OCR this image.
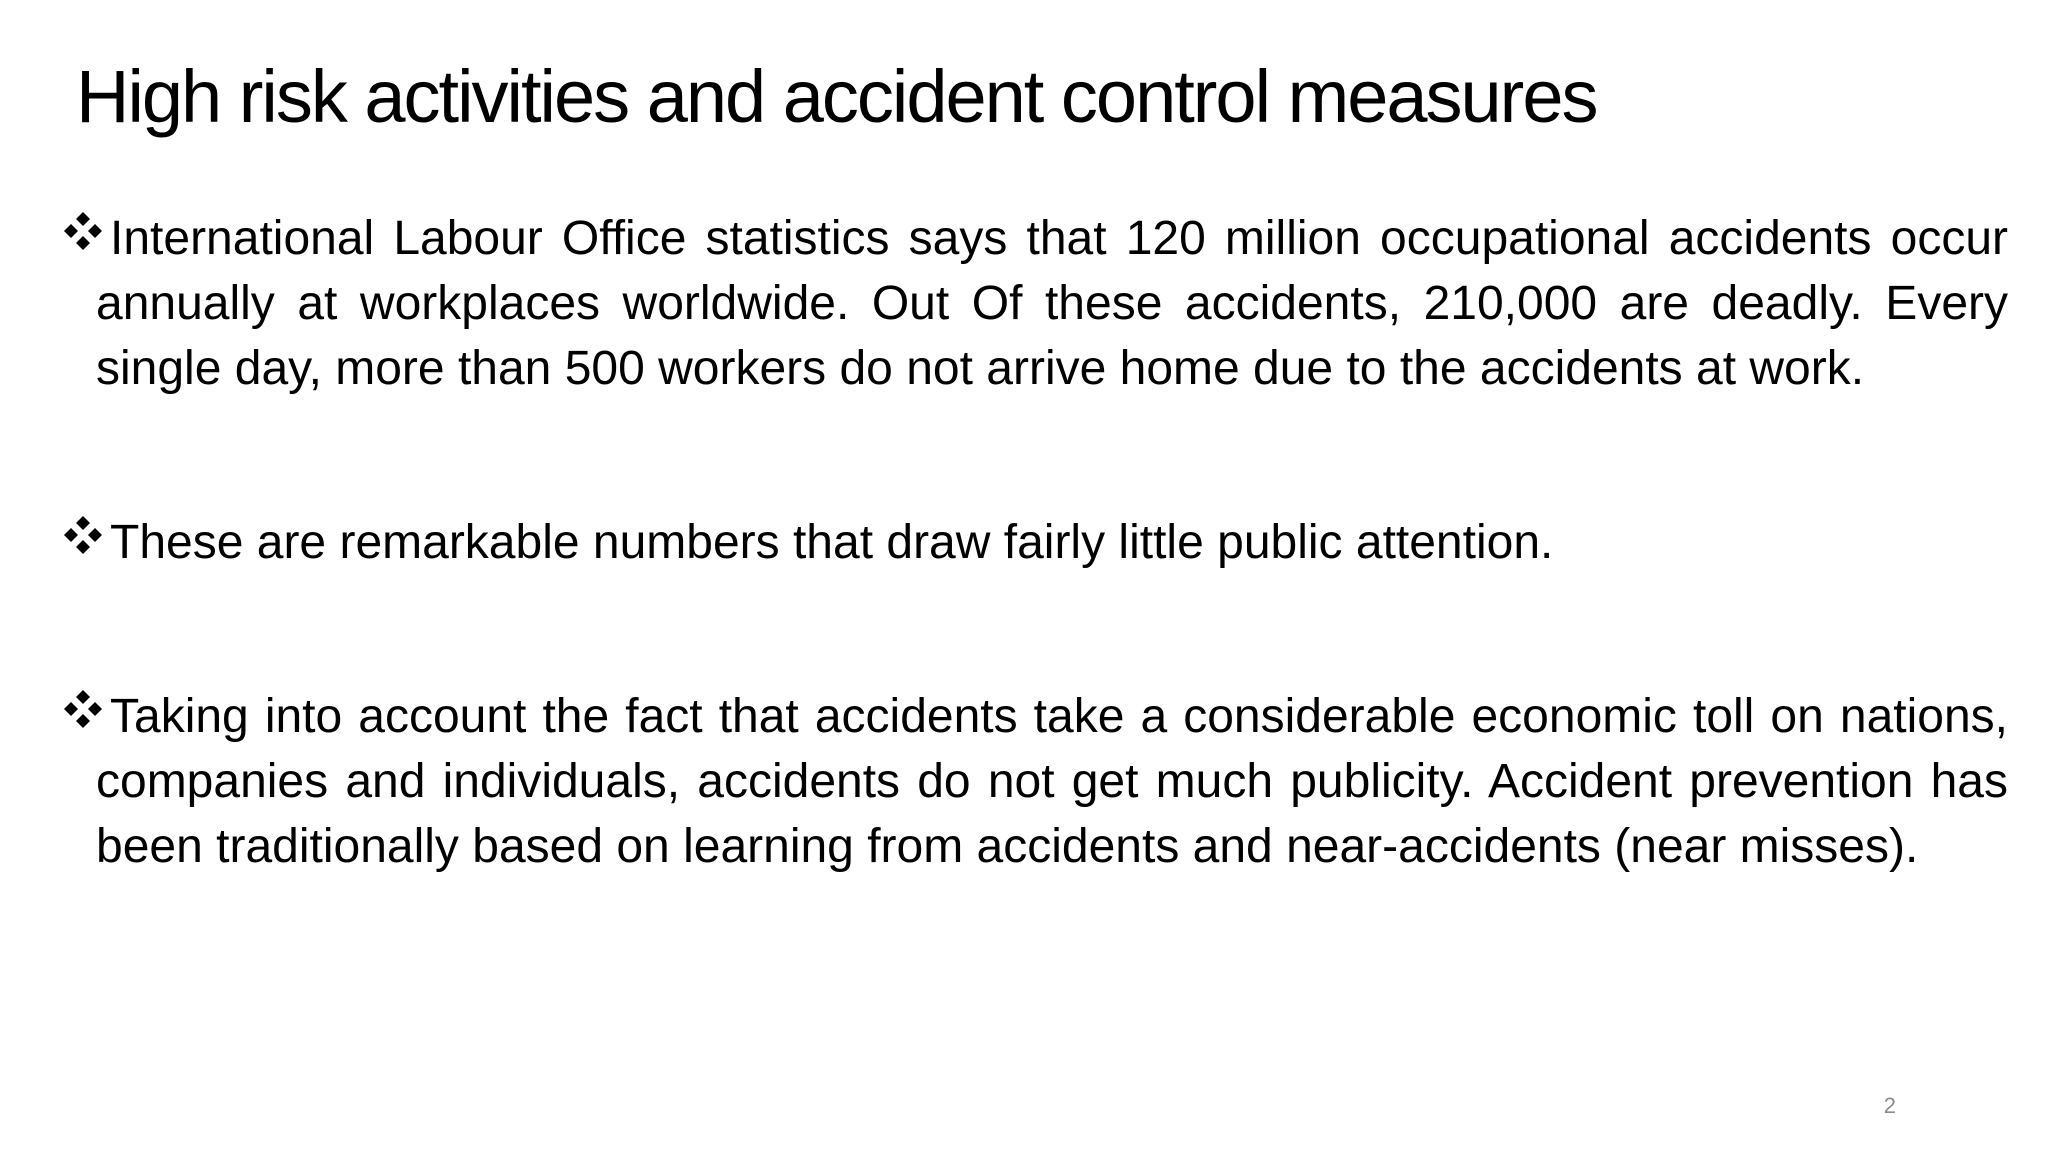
High risk activities and accident control measures
International Labour Office statistics says that 120 million occupational accidents occur annually at workplaces worldwide. Out Of these accidents, 210,000 are deadly. Every single day, more than 500 workers do not arrive home due to the accidents at work.
These are remarkable numbers that draw fairly little public attention.
Taking into account the fact that accidents take a considerable economic toll on nations, companies and individuals, accidents do not get much publicity. Accident prevention has been traditionally based on learning from accidents and near-accidents (near misses).
2
